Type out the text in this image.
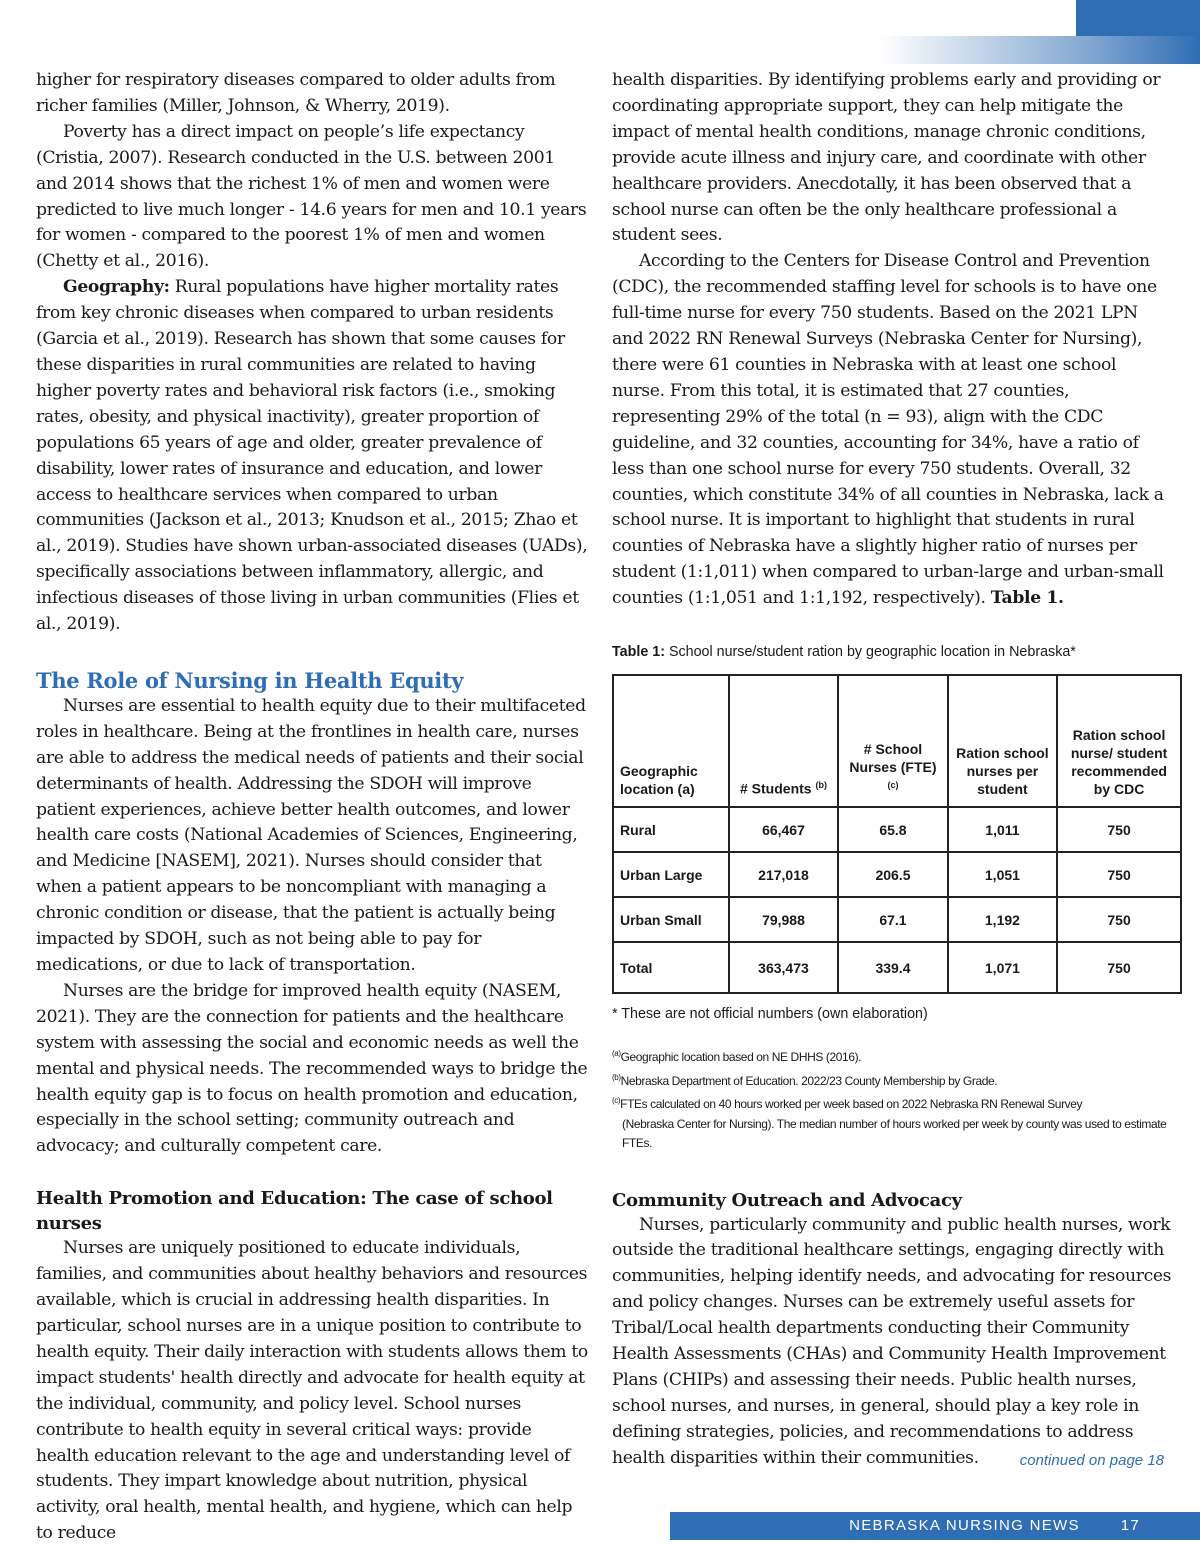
higher for respiratory diseases compared to older adults from richer families (Miller, Johnson, & Wherry, 2019).

Poverty has a direct impact on people’s life expectancy (Cristia, 2007). Research conducted in the U.S. between 2001 and 2014 shows that the richest 1% of men and women were predicted to live much longer - 14.6 years for men and 10.1 years for women - compared to the poorest 1% of men and women (Chetty et al., 2016).

Geography: Rural populations have higher mortality rates from key chronic diseases when compared to urban residents (Garcia et al., 2019). Research has shown that some causes for these disparities in rural communities are related to having higher poverty rates and behavioral risk factors (i.e., smoking rates, obesity, and physical inactivity), greater proportion of populations 65 years of age and older, greater prevalence of disability, lower rates of insurance and education, and lower access to healthcare services when compared to urban communities (Jackson et al., 2013; Knudson et al., 2015; Zhao et al., 2019). Studies have shown urban-associated diseases (UADs), specifically associations between inflammatory, allergic, and infectious diseases of those living in urban communities (Flies et al., 2019).

The Role of Nursing in Health Equity

Nurses are essential to health equity due to their multifaceted roles in healthcare. Being at the frontlines in health care, nurses are able to address the medical needs of patients and their social determinants of health. Addressing the SDOH will improve patient experiences, achieve better health outcomes, and lower health care costs (National Academies of Sciences, Engineering, and Medicine [NASEM], 2021). Nurses should consider that when a patient appears to be noncompliant with managing a chronic condition or disease, that the patient is actually being impacted by SDOH, such as not being able to pay for medications, or due to lack of transportation.

Nurses are the bridge for improved health equity (NASEM, 2021). They are the connection for patients and the healthcare system with assessing the social and economic needs as well the mental and physical needs. The recommended ways to bridge the health equity gap is to focus on health promotion and education, especially in the school setting; community outreach and advocacy; and culturally competent care.

Health Promotion and Education: The case of school nurses

Nurses are uniquely positioned to educate individuals, families, and communities about healthy behaviors and resources available, which is crucial in addressing health disparities. In particular, school nurses are in a unique position to contribute to health equity. Their daily interaction with students allows them to impact students' health directly and advocate for health equity at the individual, community, and policy level. School nurses contribute to health equity in several critical ways: provide health education relevant to the age and understanding level of students. They impart knowledge about nutrition, physical activity, oral health, mental health, and hygiene, which can help to reduce

health disparities. By identifying problems early and providing or coordinating appropriate support, they can help mitigate the impact of mental health conditions, manage chronic conditions, provide acute illness and injury care, and coordinate with other healthcare providers. Anecdotally, it has been observed that a school nurse can often be the only healthcare professional a student sees.

According to the Centers for Disease Control and Prevention (CDC), the recommended staffing level for schools is to have one full-time nurse for every 750 students. Based on the 2021 LPN and 2022 RN Renewal Surveys (Nebraska Center for Nursing), there were 61 counties in Nebraska with at least one school nurse. From this total, it is estimated that 27 counties, representing 29% of the total (n = 93), align with the CDC guideline, and 32 counties, accounting for 34%, have a ratio of less than one school nurse for every 750 students. Overall, 32 counties, which constitute 34% of all counties in Nebraska, lack a school nurse. It is important to highlight that students in rural counties of Nebraska have a slightly higher ratio of nurses per student (1:1,011) when compared to urban-large and urban-small counties (1:1,051 and 1:1,192, respectively). Table 1.

Table 1: School nurse/student ration by geographic location in Nebraska*
Geographic location (a)	# Students $^{(b)}$	# School Nurses (FTE)$^{(c)}$	Ration school nurses per student	Ration school nurse/ student recommended by CDC
Rural	66,467	65.8	1,011	750
Urban Large	217,018	206.5	1,051	750
Urban Small	79,988	67.1	1,192	750
Total	363,473	339.4	1,071	750
* These are not official numbers (own elaboration)

$^{(a)}$Geographic location based on NE DHHS (2016).

$^{(b)}$Nebraska Department of Education. 2022/23 County Membership by Grade.

$^{(c)}$FTEs calculated on 40 hours worked per week based on 2022 Nebraska RN Renewal Survey

(Nebraska Center for Nursing). The median number of hours worked per week by county was used to estimate FTEs.

Community Outreach and Advocacy

Nurses, particularly community and public health nurses, work outside the traditional healthcare settings, engaging directly with communities, helping identify needs, and advocating for resources and policy changes. Nurses can be extremely useful assets for Tribal/Local health departments conducting their Community Health Assessments (CHAs) and Community Health Improvement Plans (CHIPs) and assessing their needs. Public health nurses, school nurses, and nurses, in general, should play a key role in defining strategies, policies, and recommendations to address health disparities within their communities.	continued on page 18
NEBRASKA NURSING NEWS	17
